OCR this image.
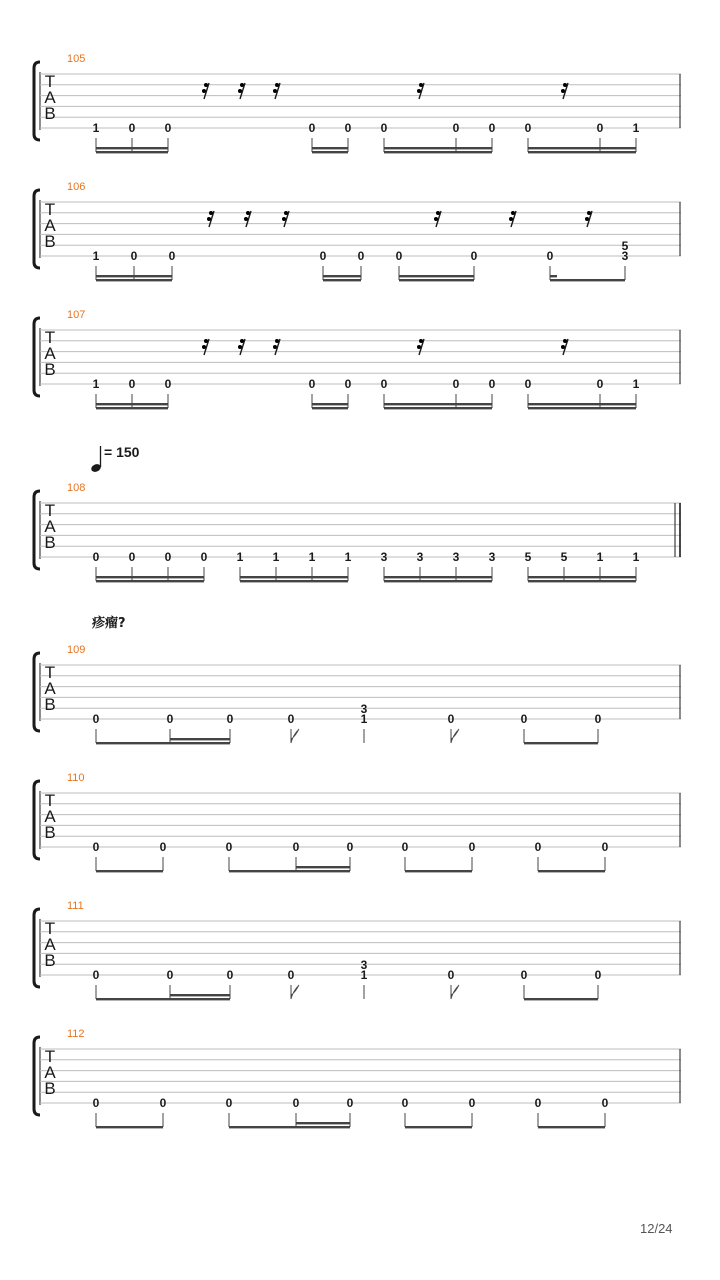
T
A
B
105
1 0 0	0 0 0	0 0 0	0 1
T
A
B
106
1	0	0	0	0	0	0	0	3
5
T
A
B
107
1 0 0	0 0 0	0 0 0	0 1
T
A
B
108
0 0 0 0 1 1 1 1 3 3 3 3 5 5 1 1
T
A
B
109
0	0	0	0	1
3
0	0	0
T
A
B
110
0	0	0	0	0	0	0	0	0
T
A
B
111
0	0	0	0	1
3
0	0	0
T
A
B
112
0	0	0	0	0	0	0	0	0
= 150
疹瘤?
12/24
